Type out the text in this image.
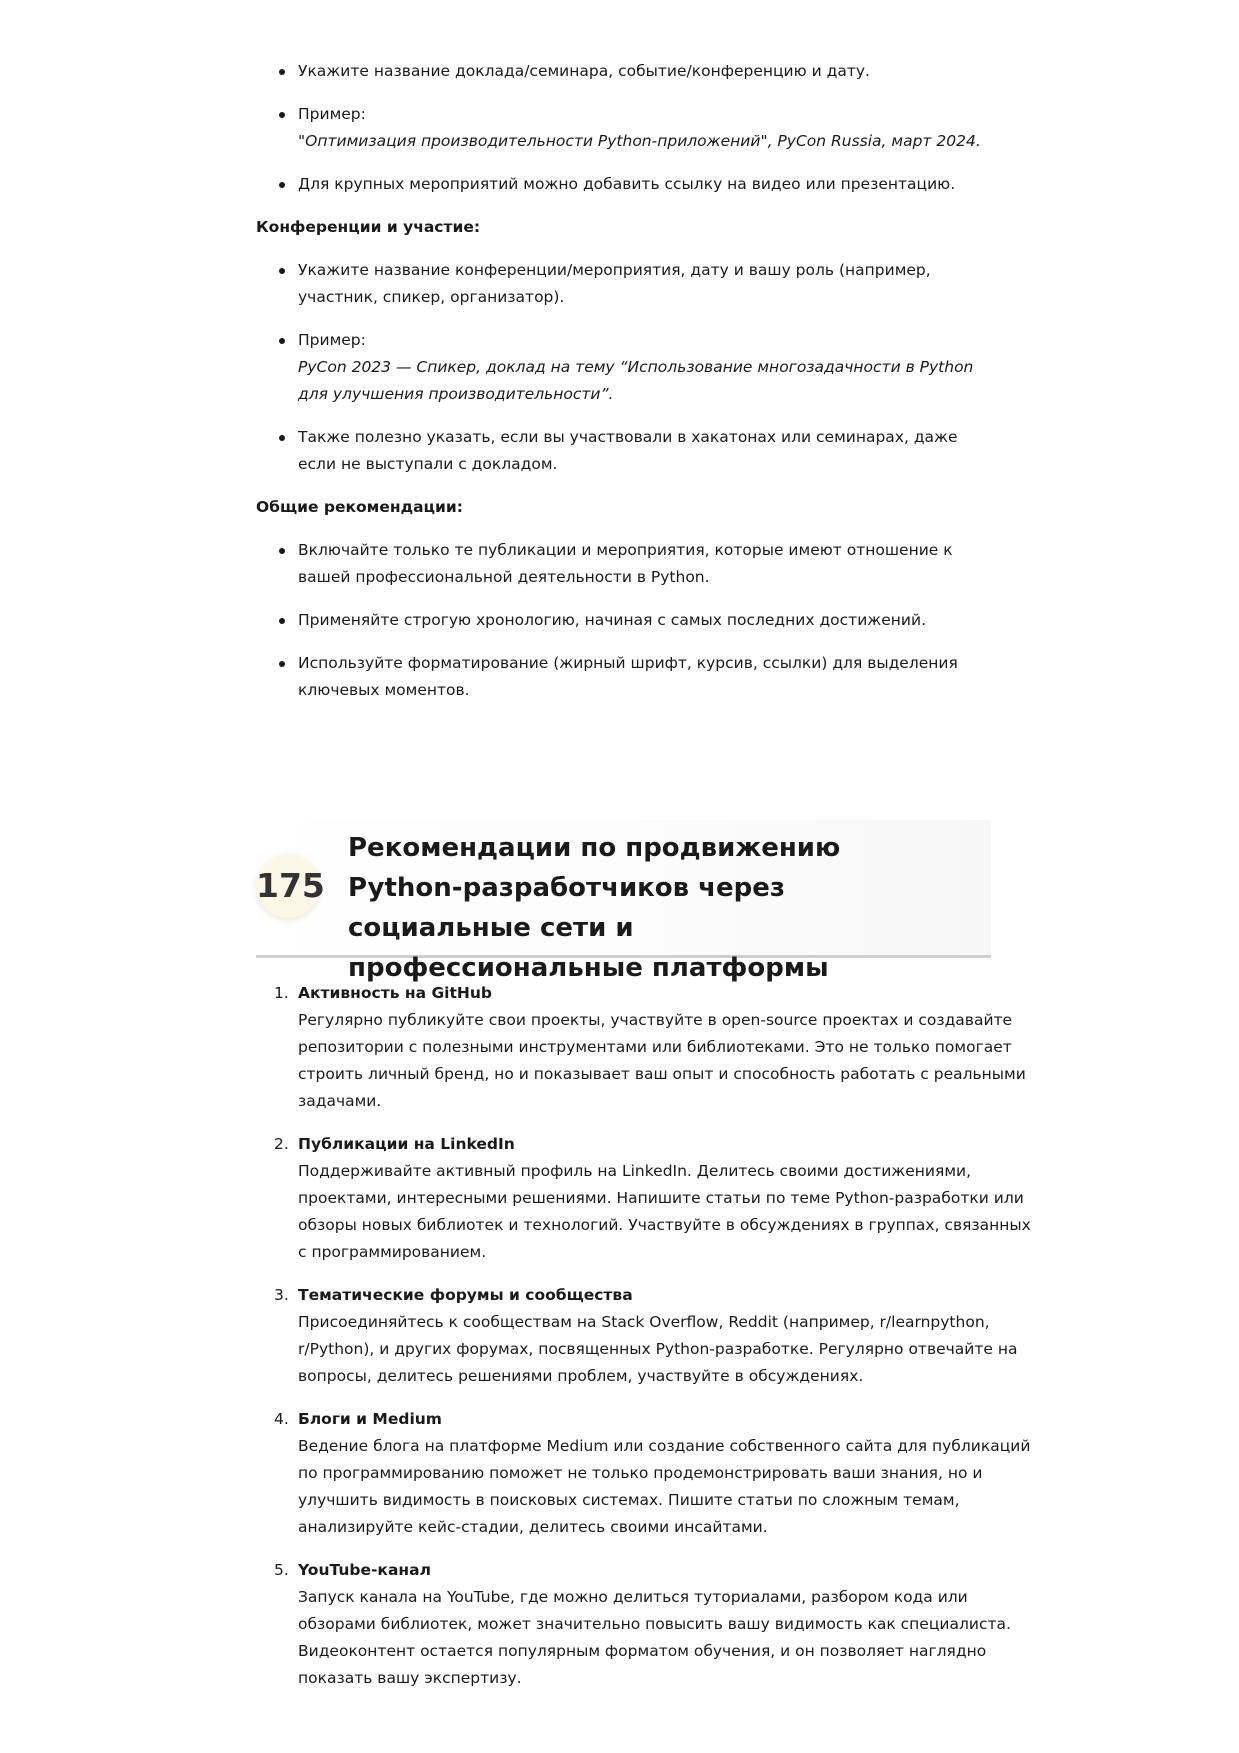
Укажите название доклада/семинара, событие/конференцию и дату.
Пример:
"Оптимизация производительности Python-приложений", PyCon Russia, март 2024.
Для крупных мероприятий можно добавить ссылку на видео или презентацию.
Конференции и участие:
Укажите название конференции/мероприятия, дату и вашу роль (например, участник, спикер, организатор).
Пример:
PyCon 2023 — Спикер, доклад на тему “Использование многозадачности в Python для улучшения производительности”.
Также полезно указать, если вы участвовали в хакатонах или семинарах, даже если не выступали с докладом.
Общие рекомендации:
Включайте только те публикации и мероприятия, которые имеют отношение к вашей профессиональной деятельности в Python.
Применяйте строгую хронологию, начиная с самых последних достижений.
Используйте форматирование (жирный шрифт, курсив, ссылки) для выделения ключевых моментов.
175
Рекомендации по продвижению Python-разработчиков через социальные сети и профессиональные платформы
1. Активность на GitHub
Регулярно публикуйте свои проекты, участвуйте в open-source проектах и создавайте репозитории с полезными инструментами или библиотеками. Это не только помогает строить личный бренд, но и показывает ваш опыт и способность работать с реальными задачами.
2. Публикации на LinkedIn
Поддерживайте активный профиль на LinkedIn. Делитесь своими достижениями, проектами, интересными решениями. Напишите статьи по теме Python-разработки или обзоры новых библиотек и технологий. Участвуйте в обсуждениях в группах, связанных с программированием.
3. Тематические форумы и сообщества
Присоединяйтесь к сообществам на Stack Overflow, Reddit (например, r/learnpython, r/Python), и других форумах, посвященных Python-разработке. Регулярно отвечайте на вопросы, делитесь решениями проблем, участвуйте в обсуждениях.
4. Блоги и Medium
Ведение блога на платформе Medium или создание собственного сайта для публикаций по программированию поможет не только продемонстрировать ваши знания, но и улучшить видимость в поисковых системах. Пишите статьи по сложным темам, анализируйте кейс-стадии, делитесь своими инсайтами.
5. YouTube-канал
Запуск канала на YouTube, где можно делиться туториалами, разбором кода или обзорами библиотек, может значительно повысить вашу видимость как специалиста. Видеоконтент остается популярным форматом обучения, и он позволяет наглядно показать вашу экспертизу.
